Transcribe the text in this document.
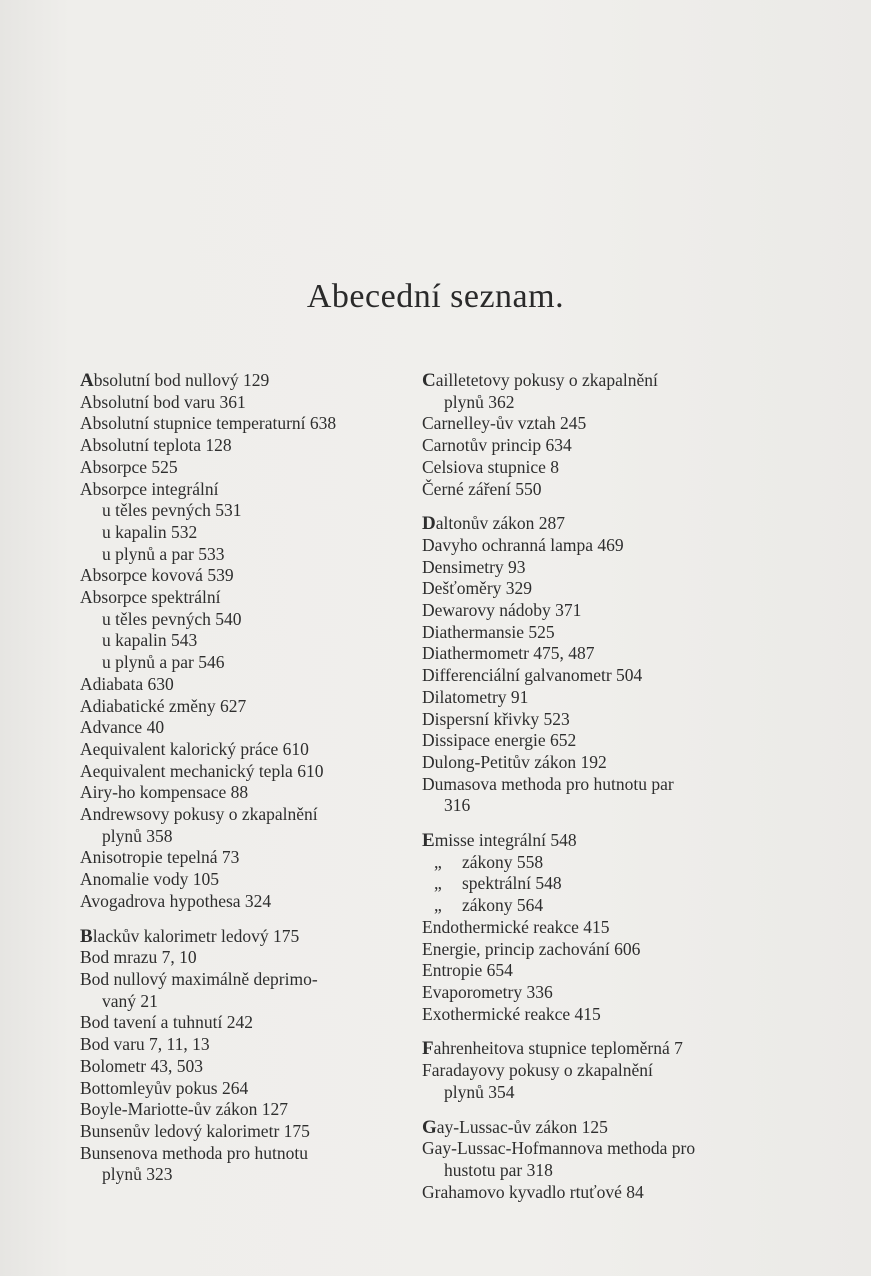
Abecední seznam.
Absolutní bod nullový 129
Absolutní bod varu 361
Absolutní stupnice temperaturní 638
Absolutní teplota 128
Absorpce 525
Absorpce integrální
u těles pevných 531
u kapalin 532
u plynů a par 533
Absorpce kovová 539
Absorpce spektrální
u těles pevných 540
u kapalin 543
u plynů a par 546
Adiabata 630
Adiabatické změny 627
Advance 40
Aequivalent kalorický práce 610
Aequivalent mechanický tepla 610
Airy-ho kompensace 88
Andrewsovy pokusy o zkapalnění
plynů 358
Anisotropie tepelná 73
Anomalie vody 105
Avogadrova hypothesa 324
Blackův kalorimetr ledový 175
Bod mrazu 7, 10
Bod nullový maximálně deprimo-
vaný 21
Bod tavení a tuhnutí 242
Bod varu 7, 11, 13
Bolometr 43, 503
Bottomleyův pokus 264
Boyle-Mariotte-ův zákon 127
Bunsenův ledový kalorimetr 175
Bunsenova methoda pro hutnotu
plynů 323
Cailletetovy pokusy o zkapalnění
plynů 362
Carnelley-ův vztah 245
Carnotův princip 634
Celsiova stupnice 8
Černé záření 550
Daltonův zákon 287
Davyho ochranná lampa 469
Densimetry 93
Dešťoměry 329
Dewarovy nádoby 371
Diathermansie 525
Diathermometr 475, 487
Differenciální galvanometr 504
Dilatometry 91
Dispersní křivky 523
Dissipace energie 652
Dulong-Petitův zákon 192
Dumasova methoda pro hutnotu par
316
Emisse integrální 548
„ zákony 558
„ spektrální 548
„ zákony 564
Endothermické reakce 415
Energie, princip zachování 606
Entropie 654
Evaporometry 336
Exothermické reakce 415
Fahrenheitova stupnice teploměrná 7
Faradayovy pokusy o zkapalnění
plynů 354
Gay-Lussac-ův zákon 125
Gay-Lussac-Hofmannova methoda pro
hustotu par 318
Grahamovo kyvadlo rtuťové 84
